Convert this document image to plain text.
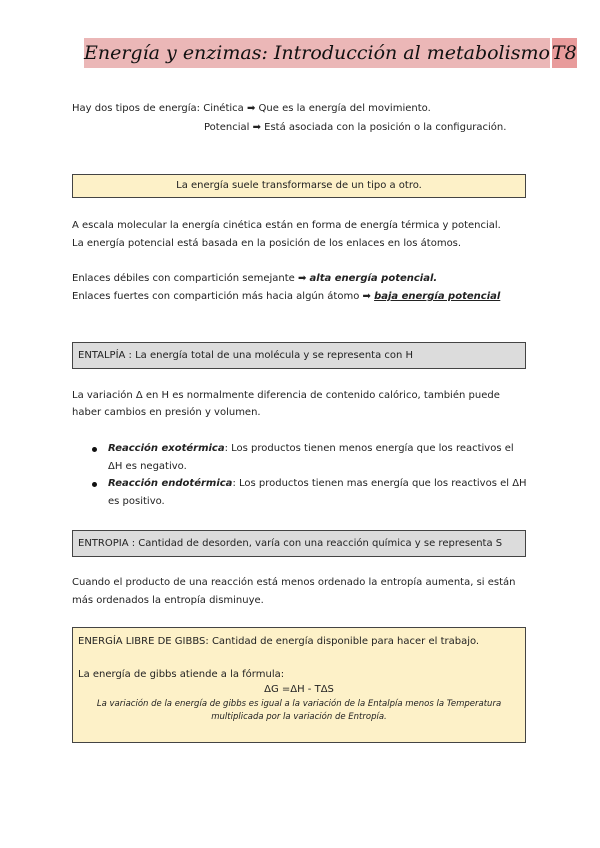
Energía y enzimas: Introducción al metabolismo T8
Hay dos tipos de energía: Cinética ➡ Que es la energía del movimiento.
Potencial ➡ Está asociada con la posición o la configuración.
La energía suele transformarse de un tipo a otro.
A escala molecular la energía cinética están en forma de energía térmica y potencial.
La energía potencial está basada en la posición de los enlaces en los átomos.
Enlaces débiles con compartición semejante ➡ alta energía potencial.
Enlaces fuertes con compartición más hacia algún átomo ➡ baja energía potencial
ENTALPÍA : La energía total de una molécula y se representa con H
La variación Δ en H es normalmente diferencia de contenido calórico, también puede
haber cambios en presión y volumen.
Reacción exotérmica: Los productos tienen menos energía que los reactivos el
ΔH es negativo.
Reacción endotérmica: Los productos tienen mas energía que los reactivos el ΔH
es positivo.
ENTROPIA : Cantidad de desorden, varía con una reacción química y se representa S
Cuando el producto de una reacción está menos ordenado la entropía aumenta, si están
más ordenados la entropía disminuye.
ENERGÍA LIBRE DE GIBBS: Cantidad de energía disponible para hacer el trabajo.
La energía de gibbs atiende a la fórmula:
ΔG =ΔH - TΔS
La variación de la energía de gibbs es igual a la variación de la Entalpía menos la Temperatura
multiplicada por la variación de Entropía.
